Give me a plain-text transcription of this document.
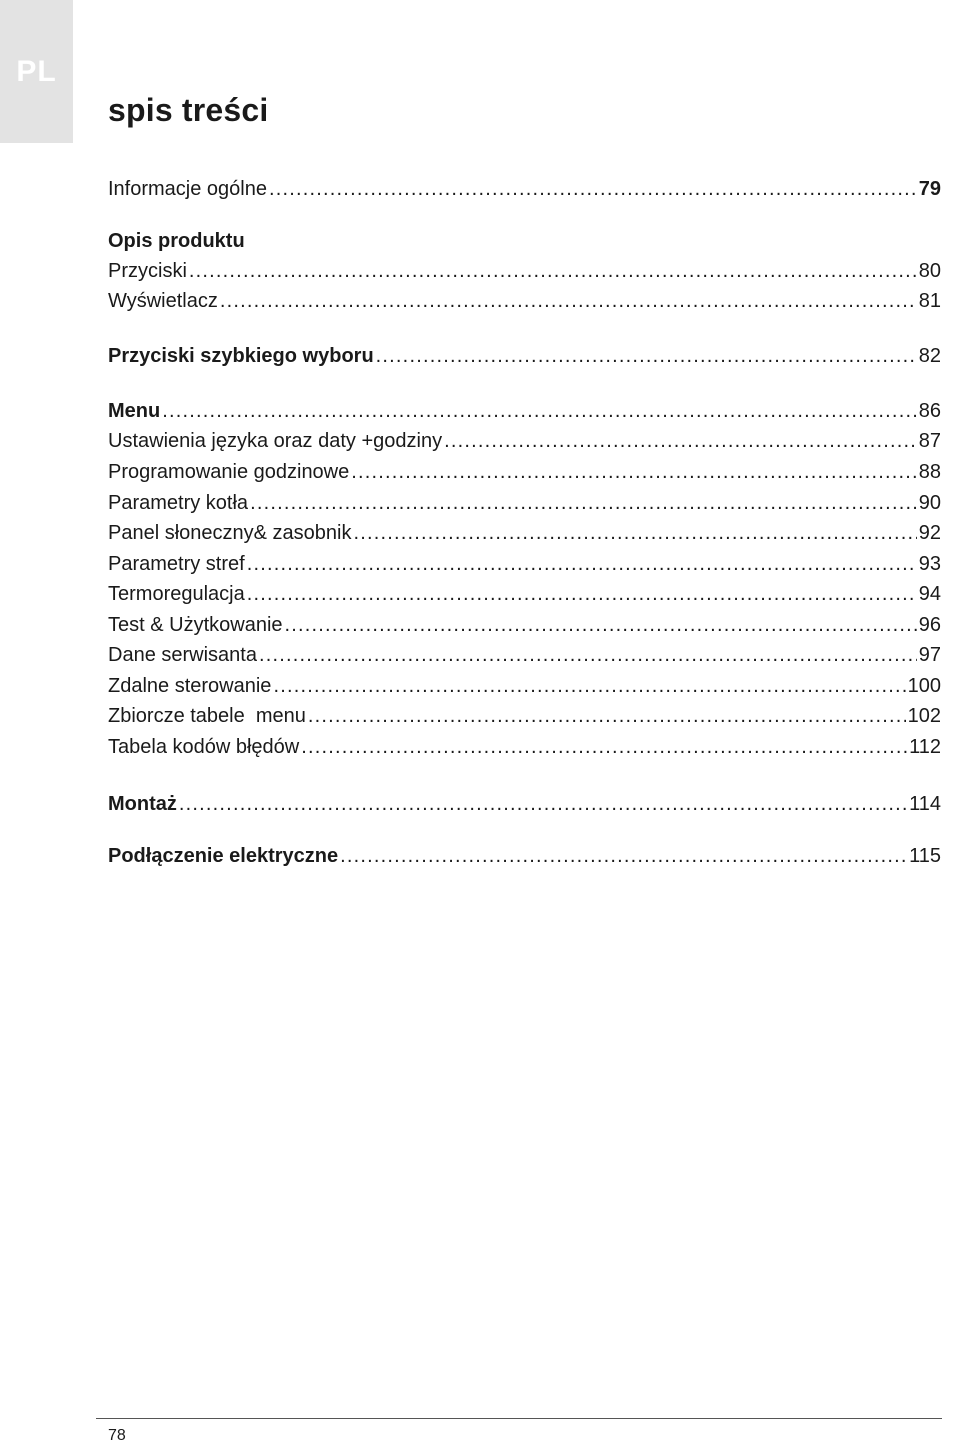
PL
spis treści
Informacje ogólne .....	79
Opis produktu
Przyciski .....	80
Wyświetlacz .....	81
Przyciski szybkiego wyboru .....	82
Menu .....	86
Ustawienia języka oraz daty +godziny .....	87
Programowanie godzinowe .....	88
Parametry kotła .....	90
Panel słoneczny& zasobnik .....	92
Parametry stref .....	93
Termoregulacja .....	94
Test & Użytkowanie .....	96
Dane serwisanta .....	97
Zdalne sterowanie .....	100
Zbiorcze tabele  menu .....	102
Tabela kodów błędów .....	112
Montaż .....	114
Podłączenie elektryczne .....	115
78
